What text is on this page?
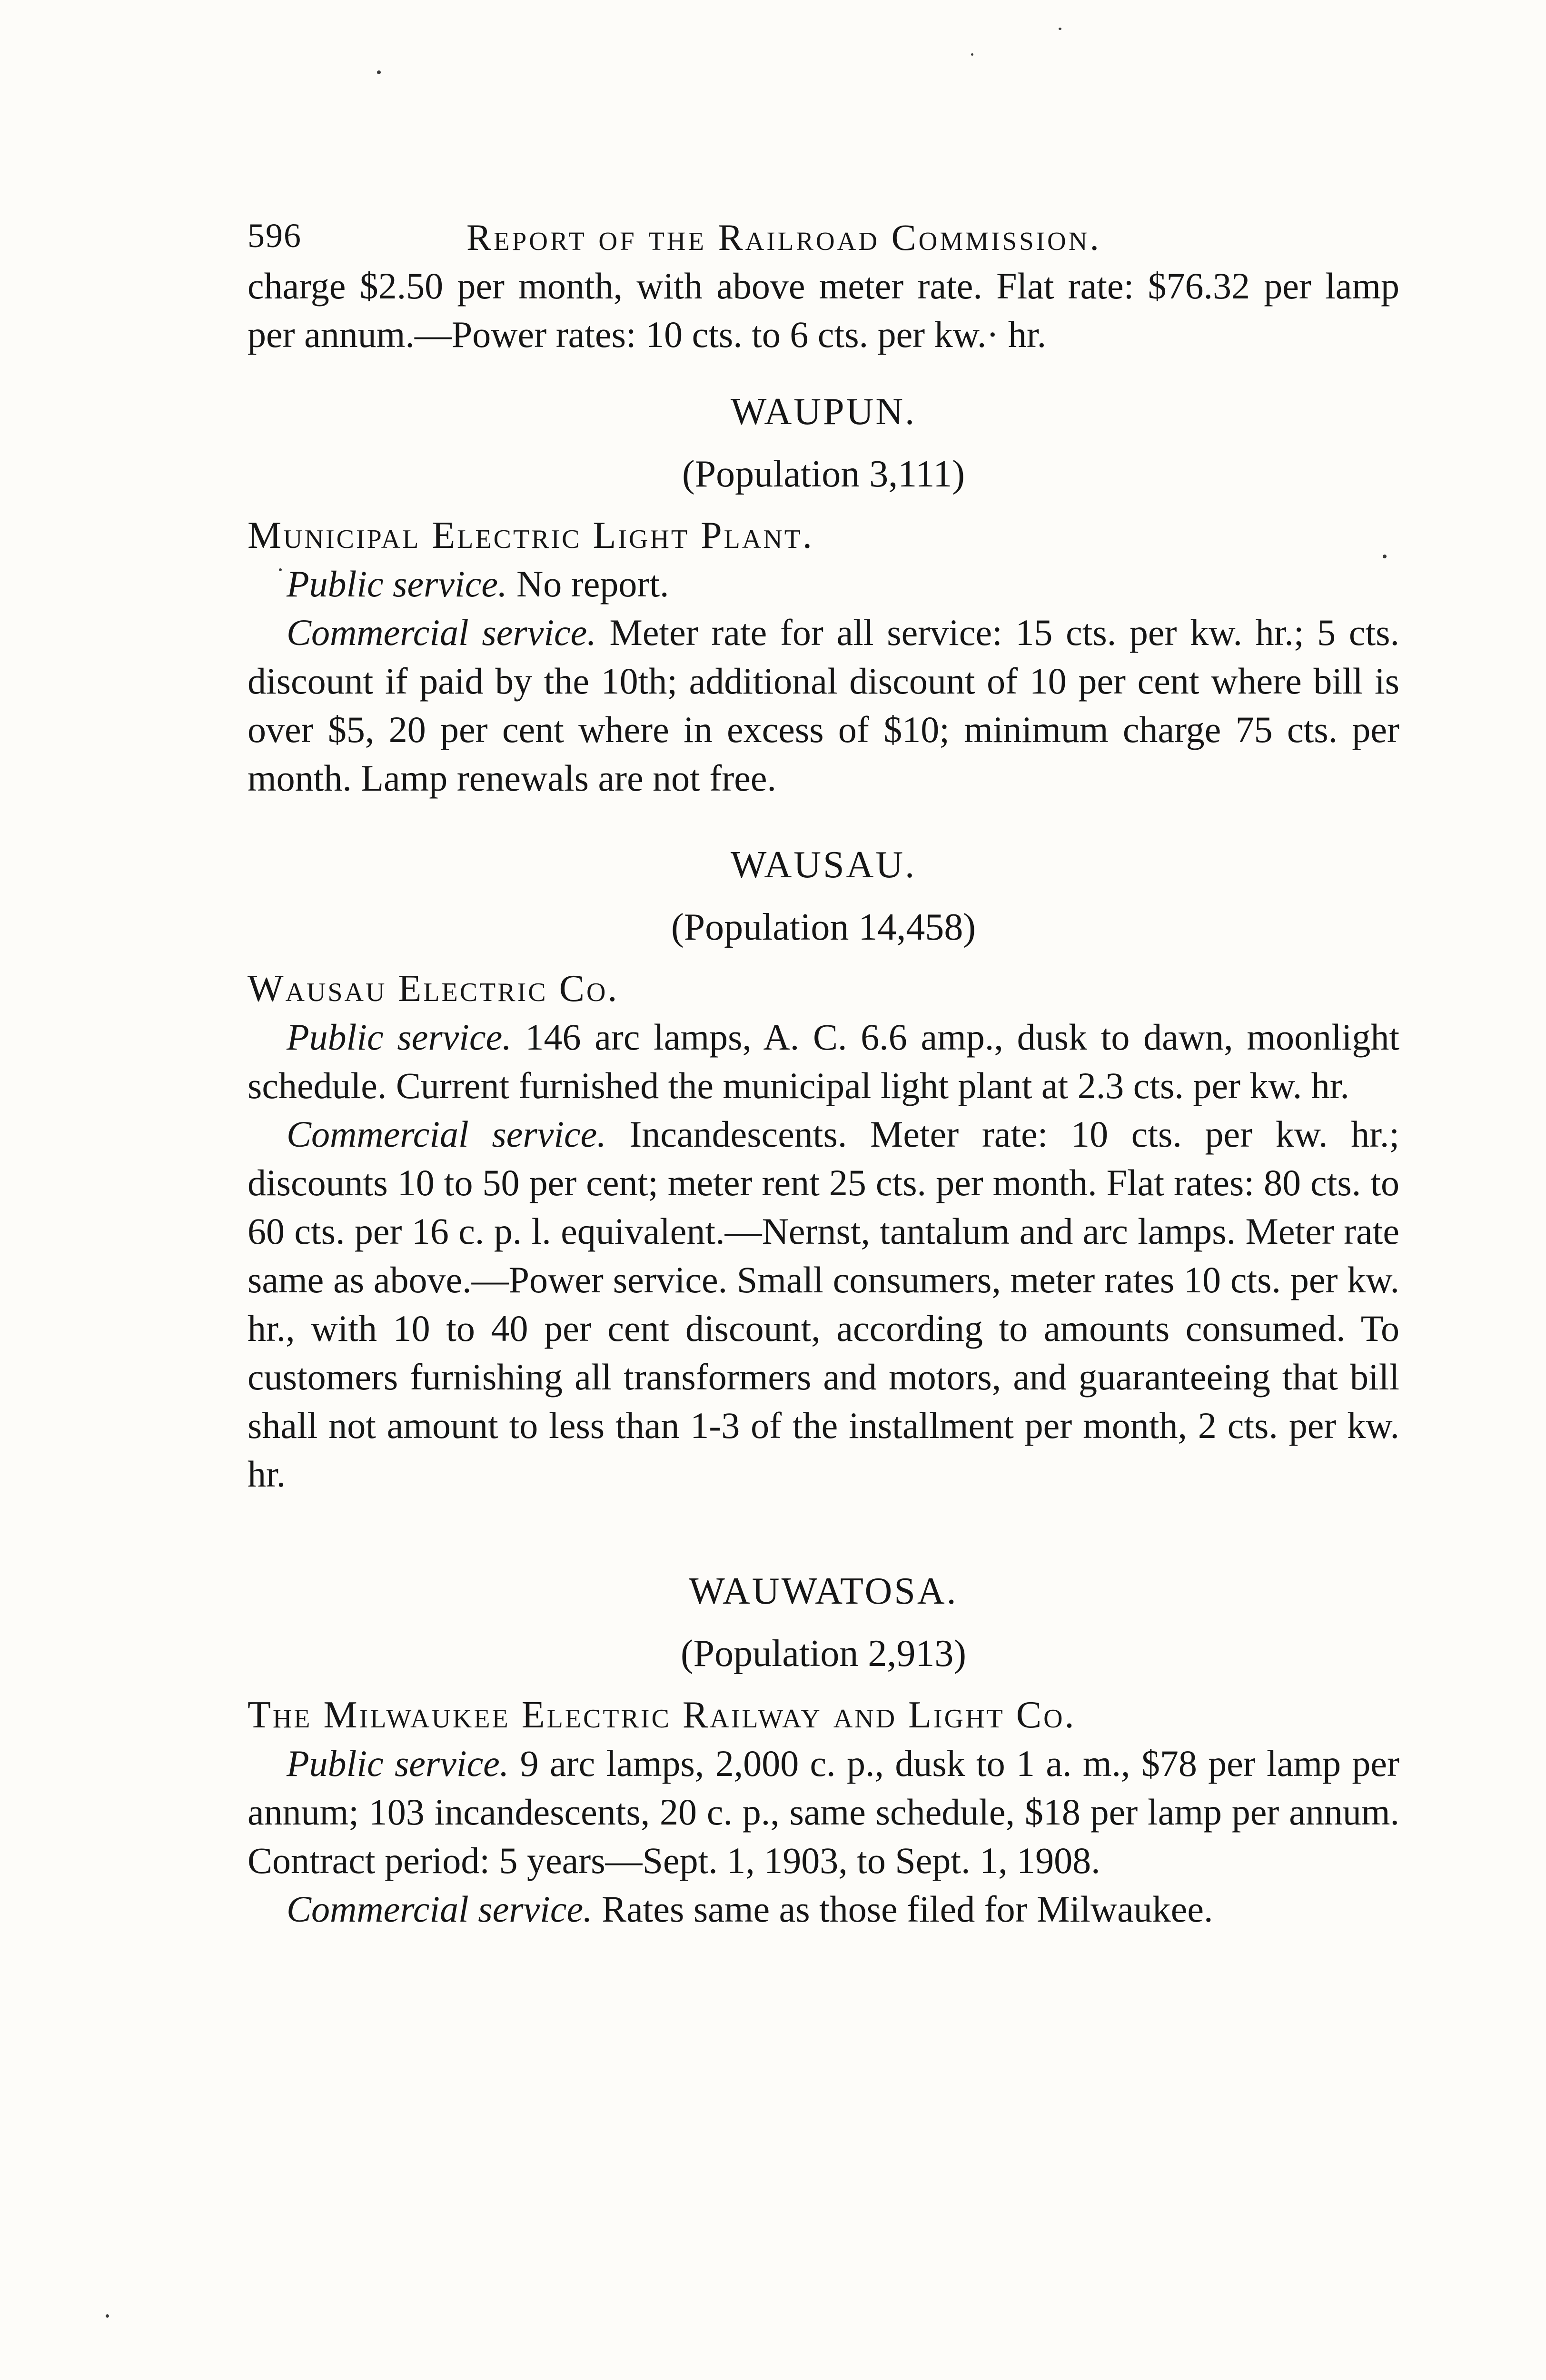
596	Report of the Railroad Commission.

charge $2.50 per month, with above meter rate. Flat rate: $76.32 per lamp per annum.—Power rates: 10 cts. to 6 cts. per kw.· hr.

WAUPUN.

(Population 3,111)

Municipal Electric Light Plant.

Public service. No report.

Commercial service. Meter rate for all service: 15 cts. per kw. hr.; 5 cts. discount if paid by the 10th; additional discount of 10 per cent where bill is over $5, 20 per cent where in excess of $10; minimum charge 75 cts. per month. Lamp renewals are not free.

WAUSAU.

(Population 14,458)

Wausau Electric Co.

Public service. 146 arc lamps, A. C. 6.6 amp., dusk to dawn, moonlight schedule. Current furnished the municipal light plant at 2.3 cts. per kw. hr.

Commercial service. Incandescents. Meter rate: 10 cts. per kw. hr.; discounts 10 to 50 per cent; meter rent 25 cts. per month. Flat rates: 80 cts. to 60 cts. per 16 c. p. l. equivalent.—Nernst, tantalum and arc lamps. Meter rate same as above.—Power service. Small consumers, meter rates 10 cts. per kw. hr., with 10 to 40 per cent discount, according to amounts consumed. To customers furnishing all transformers and motors, and guaranteeing that bill shall not amount to less than 1-3 of the installment per month, 2 cts. per kw. hr.

WAUWATOSA.

(Population 2,913)

The Milwaukee Electric Railway and Light Co.

Public service. 9 arc lamps, 2,000 c. p., dusk to 1 a. m., $78 per lamp per annum; 103 incandescents, 20 c. p., same schedule, $18 per lamp per annum. Contract period: 5 years—Sept. 1, 1903, to Sept. 1, 1908.

Commercial service. Rates same as those filed for Milwaukee.
